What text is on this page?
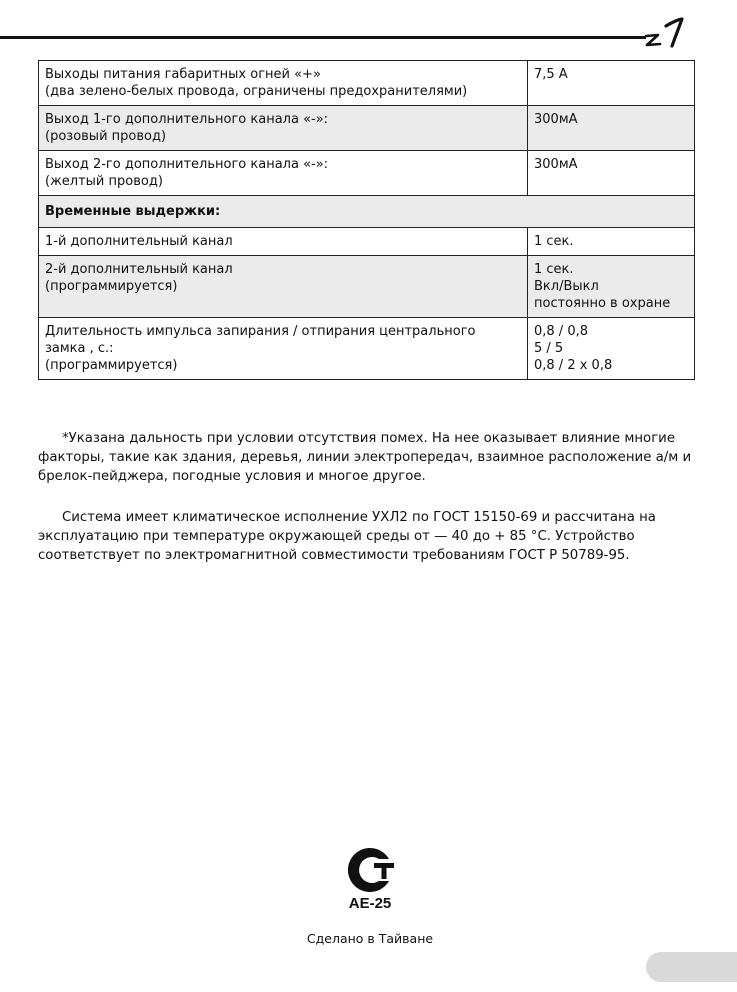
Выходы питания габаритных огней «+»
(два зелено-белых провода, ограничены предохранителями)	7,5 А

Выход 1-го дополнительного канала «-»:
(розовый провод)	300мА

Выход 2-го дополнительного канала «-»:
(желтый провод)	300мА

Временные выдержки:	

1-й дополнительный канал	1 сек.

2-й дополнительный канал
(программируется)	1 сек.
Вкл/Выкл
постоянно в охране

Длительность импульса запирания / отпирания центрального
замка , с.:
(программируется)	0,8 / 0,8
5 / 5
0,8 / 2 х 0,8

*Указана дальность при условии отсутствия помех. На нее оказывает влияние многие факторы, такие как здания, деревья, линии электропередач, взаимное расположение а/м и брелок-пейджера, погодные условия и многое другое.

Система имеет климатическое исполнение УХЛ2 по ГОСТ 15150-69 и рассчитана на эксплуатацию при температуре окружающей среды от — 40 до + 85 °С. Устройство соответствует по электромагнитной совместимости требованиям ГОСТ Р 50789-95.

АЕ-25
Сделано в Тайване
